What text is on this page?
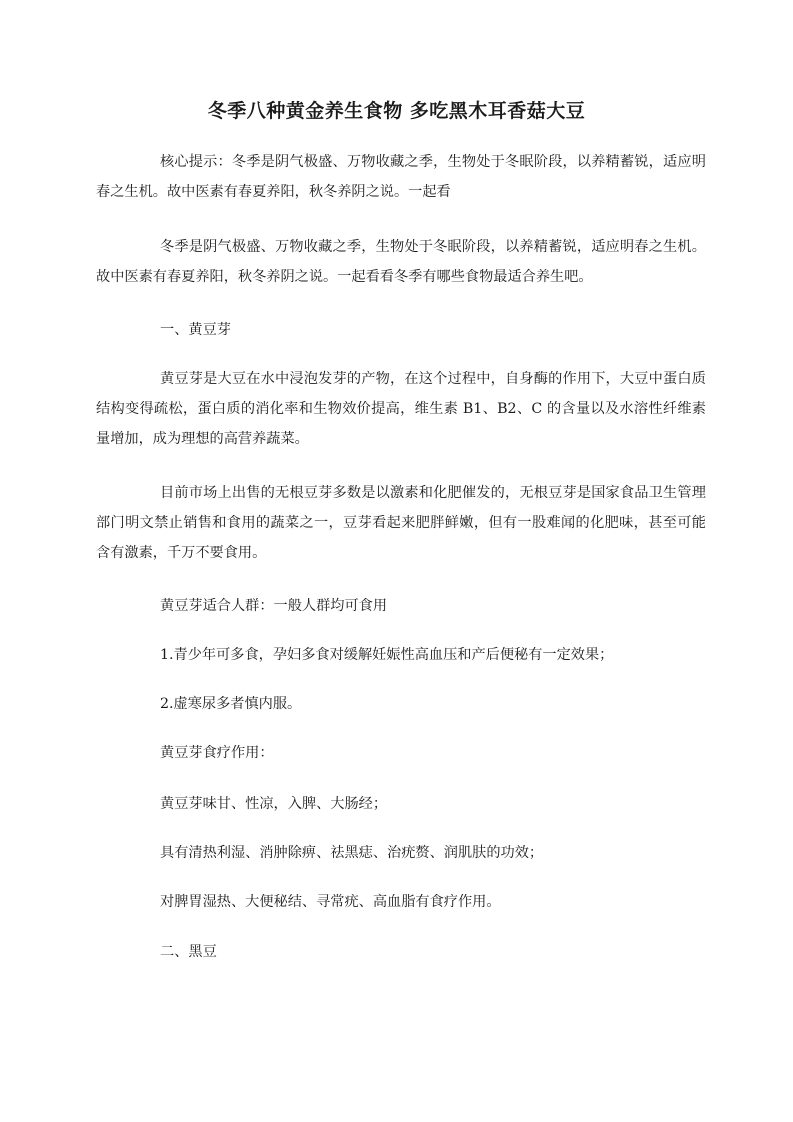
冬季八种黄金养生食物 多吃黑木耳香菇大豆

核心提示：冬季是阴气极盛、万物收藏之季，生物处于冬眠阶段，以养精蓄锐，适应明春之生机。故中医素有春夏养阳，秋冬养阴之说。一起看

冬季是阴气极盛、万物收藏之季，生物处于冬眠阶段，以养精蓄锐，适应明春之生机。故中医素有春夏养阳，秋冬养阴之说。一起看看冬季有哪些食物最适合养生吧。

一、黄豆芽

黄豆芽是大豆在水中浸泡发芽的产物，在这个过程中，自身酶的作用下，大豆中蛋白质结构变得疏松，蛋白质的消化率和生物效价提高，维生素 B1、B2、C 的含量以及水溶性纤维素量增加，成为理想的高营养蔬菜。

目前市场上出售的无根豆芽多数是以激素和化肥催发的，无根豆芽是国家食品卫生管理部门明文禁止销售和食用的蔬菜之一，豆芽看起来肥胖鲜嫩，但有一股难闻的化肥味，甚至可能含有激素，千万不要食用。

黄豆芽适合人群：一般人群均可食用

1.青少年可多食，孕妇多食对缓解妊娠性高血压和产后便秘有一定效果；

2.虚寒尿多者慎内服。

黄豆芽食疗作用：

黄豆芽味甘、性凉，入脾、大肠经；

具有清热利湿、消肿除痹、祛黑痣、治疣赘、润肌肤的功效；

对脾胃湿热、大便秘结、寻常疣、高血脂有食疗作用。

二、黑豆
